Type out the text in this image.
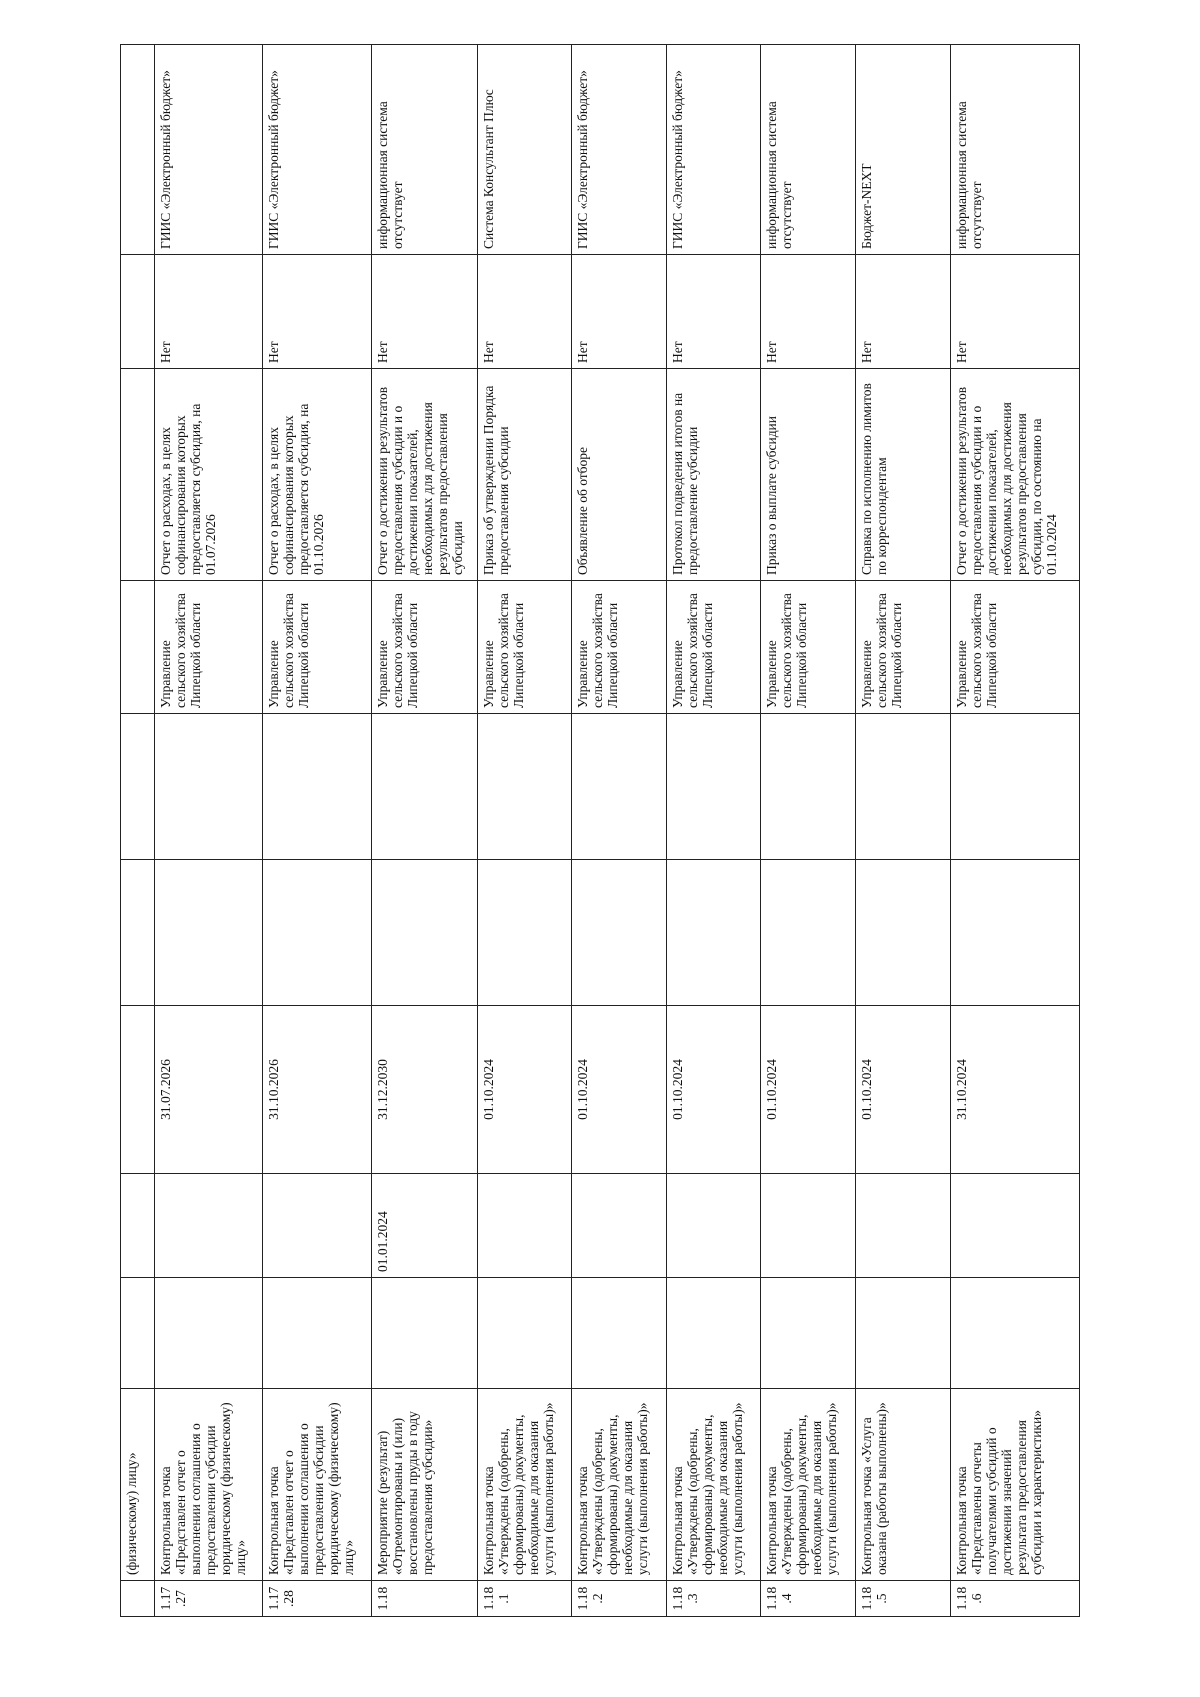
	(физическому) лицу»									
1.17.27	Контрольная точка «Представлен отчет о выполнении соглашения о предоставлении субсидии юридическому (физическому) лицу»			31.07.2026			Управление сельского хозяйства Липецкой области	Отчет о расходах, в целях софинансирования которых предоставляется субсидия, на 01.07.2026	Нет	ГИИС «Электронный бюджет»
1.17.28	Контрольная точка «Представлен отчет о выполнении соглашения о предоставлении субсидии юридическому (физическому) лицу»			31.10.2026			Управление сельского хозяйства Липецкой области	Отчет о расходах, в целях софинансирования которых предоставляется субсидия, на 01.10.2026	Нет	ГИИС «Электронный бюджет»
1.18	Мероприятие (результат) «Отремонтированы и (или) восстановлены пруды в году предоставления субсидии»		01.01.2024	31.12.2030			Управление сельского хозяйства Липецкой области	Отчет о достижении результатов предоставления субсидии и о достижении показателей, необходимых для достижения результатов предоставления субсидии	Нет	информационная система отсутствует
1.18.1	Контрольная точка «Утверждены (одобрены, сформированы) документы, необходимые для оказания услуги (выполнения работы)»			01.10.2024			Управление сельского хозяйства Липецкой области	Приказ об утверждении Порядка предоставления субсидии	Нет	Система Консультант Плюс
1.18.2	Контрольная точка «Утверждены (одобрены, сформированы) документы, необходимые для оказания услуги (выполнения работы)»			01.10.2024			Управление сельского хозяйства Липецкой области	Объявление об отборе	Нет	ГИИС «Электронный бюджет»
1.18.3	Контрольная точка «Утверждены (одобрены, сформированы) документы, необходимые для оказания услуги (выполнения работы)»			01.10.2024			Управление сельского хозяйства Липецкой области	Протокол подведения итогов на предоставление субсидии	Нет	ГИИС «Электронный бюджет»
1.18.4	Контрольная точка «Утверждены (одобрены, сформированы) документы, необходимые для оказания услуги (выполнения работы)»			01.10.2024			Управление сельского хозяйства Липецкой области	Приказ о выплате субсидии	Нет	информационная система отсутствует
1.18.5	Контрольная точка «Услуга оказана (работы выполнены)»			01.10.2024			Управление сельского хозяйства Липецкой области	Справка по исполнению лимитов по корреспондентам	Нет	Бюджет-NEXT
1.18.6	Контрольная точка «Представлены отчеты получателями субсидий о достижении значений результата предоставления субсидии и характеристики»			31.10.2024			Управление сельского хозяйства Липецкой области	Отчет о достижении результатов предоставления субсидии и о достижении показателей, необходимых для достижения результатов предоставления субсидии, по состоянию на 01.10.2024	Нет	информационная система отсутствует
